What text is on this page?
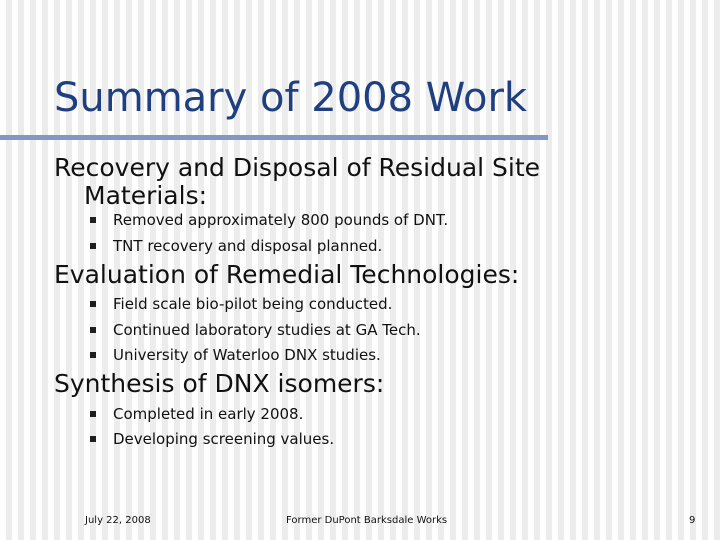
Summary of 2008 Work
Recovery and Disposal of Residual Site
Materials:
Removed approximately 800 pounds of DNT.
TNT recovery and disposal planned.
Evaluation of Remedial Technologies:
Field scale bio-pilot being conducted.
Continued laboratory studies at GA Tech.
University of Waterloo DNX studies.
Synthesis of DNX isomers:
Completed in early 2008.
Developing screening values.
July 22, 2008	Former DuPont Barksdale Works	9
